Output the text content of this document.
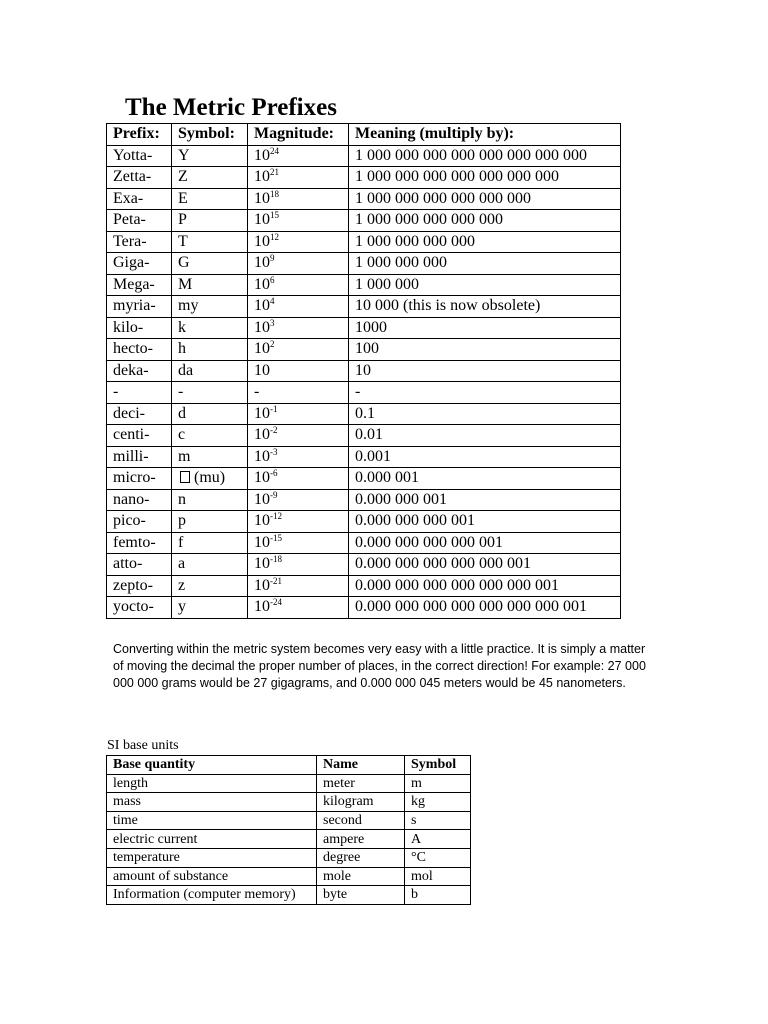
The Metric Prefixes
Prefix:	Symbol:	Magnitude:	Meaning (multiply by):
Yotta-	Y	$10^{24}$	1 000 000 000 000 000 000 000 000
Zetta-	Z	$10^{21}$	1 000 000 000 000 000 000 000
Exa-	E	$10^{18}$	1 000 000 000 000 000 000
Peta-	P	$10^{15}$	1 000 000 000 000 000
Tera-	T	$10^{12}$	1 000 000 000 000
Giga-	G	$10^9$	1 000 000 000
Mega-	M	$10^6$	1 000 000
myria-	my	$10^4$	10 000 (this is now obsolete)
kilo-	k	$10^3$	1000
hecto-	h	$10^2$	100
deka-	da	10	10
-	-	-	-
deci-	d	$10^{-1}$	0.1
centi-	c	$10^{-2}$	0.01
milli-	m	$10^{-3}$	0.001
micro-	(mu)	$10^{-6}$	0.000 001
nano-	n	$10^{-9}$	0.000 000 001
pico-	p	$10^{-12}$	0.000 000 000 001
femto-	f	$10^{-15}$	0.000 000 000 000 001
atto-	a	$10^{-18}$	0.000 000 000 000 000 001
zepto-	z	$10^{-21}$	0.000 000 000 000 000 000 001
yocto-	y	$10^{-24}$	0.000 000 000 000 000 000 000 001

Converting within the metric system becomes very easy with a little practice. It is simply a matter of moving the decimal the proper number of places, in the correct direction! For example: 27 000 000 000 grams would be 27 gigagrams, and 0.000 000 045 meters would be 45 nanometers.

SI base units

Base quantity	Name	Symbol
length	meter	m
mass	kilogram	kg
time	second	s
electric current	ampere	A
temperature	degree	°C
amount of substance	mole	mol
Information (computer memory)	byte	b
